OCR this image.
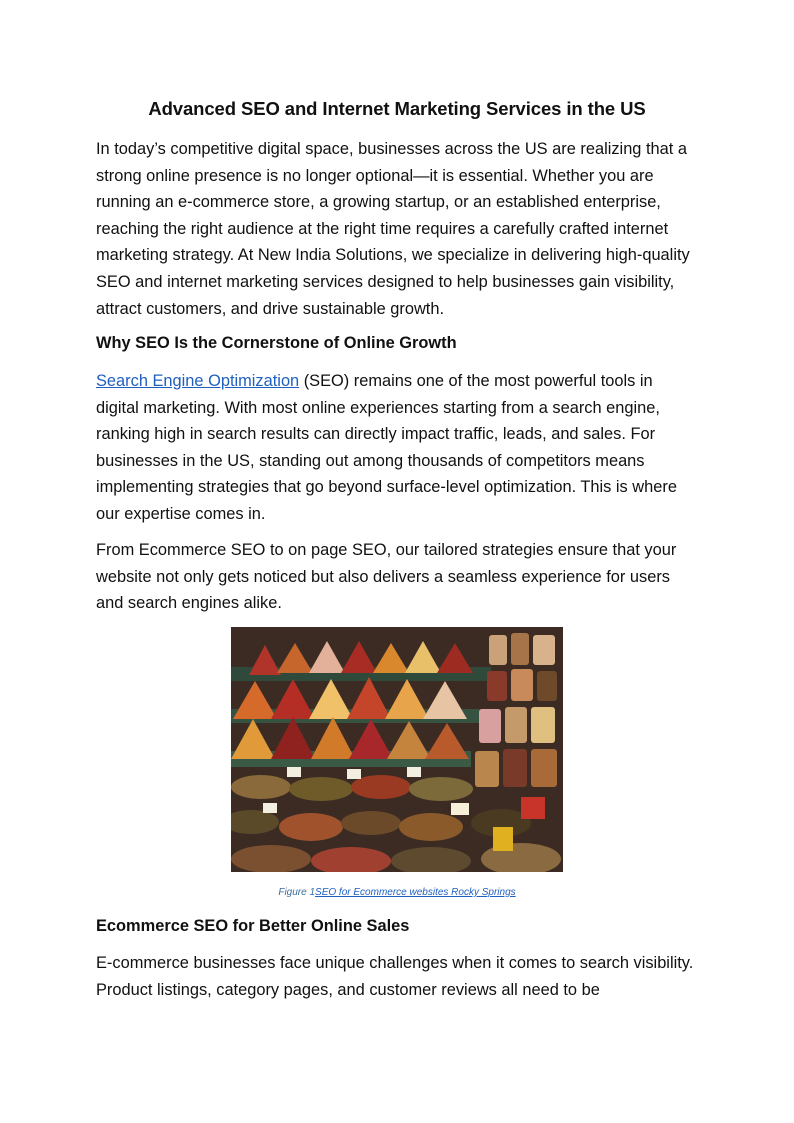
Advanced SEO and Internet Marketing Services in the US

In today’s competitive digital space, businesses across the US are realizing that a strong online presence is no longer optional—it is essential. Whether you are running an e-commerce store, a growing startup, or an established enterprise, reaching the right audience at the right time requires a carefully crafted internet marketing strategy. At New India Solutions, we specialize in delivering high-quality SEO and internet marketing services designed to help businesses gain visibility, attract customers, and drive sustainable growth.

Why SEO Is the Cornerstone of Online Growth

Search Engine Optimization (SEO) remains one of the most powerful tools in digital marketing. With most online experiences starting from a search engine, ranking high in search results can directly impact traffic, leads, and sales. For businesses in the US, standing out among thousands of competitors means implementing strategies that go beyond surface-level optimization. This is where our expertise comes in.

From Ecommerce SEO to on page SEO, our tailored strategies ensure that your website not only gets noticed but also delivers a seamless experience for users and search engines alike.

Figure 1SEO for Ecommerce websites Rocky Springs

Ecommerce SEO for Better Online Sales

E-commerce businesses face unique challenges when it comes to search visibility. Product listings, category pages, and customer reviews all need to be
